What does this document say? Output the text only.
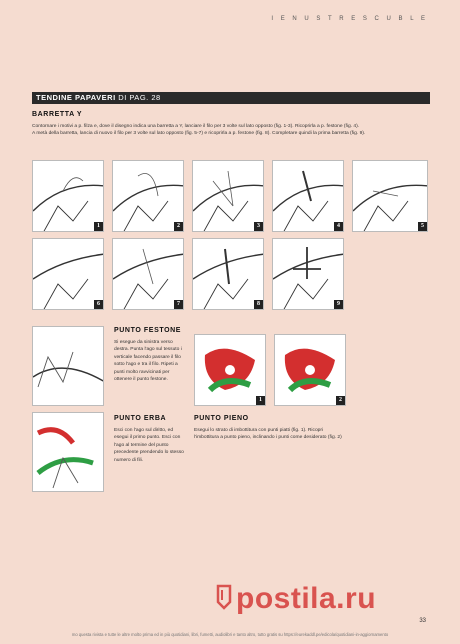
I E N U S T R E S C U B L E
TENDINE PAPAVERI DI PAG. 28
BARRETTA Y
Contornare i motivi a p. filza e, dove il disegno indica una barretta a Y, lanciare il filo per 3 volte sul lato opposto (fig. 1-3). Ricoprirla a p. festone (fig. 4).
A metà della barretta, lancia di nuovo il filo per 3 volte sul lato opposto (fig. 5-7) e ricoprirla a p. festone (fig. 8). Completare quindi la prima barretta (fig. 9).
1	2	3	4	5
6	7	8	9
PUNTO FESTONE
Si esegue da sinistra verso destra. Punta l'ago sul tessuto i verticale facendo passare il filo sotto l'ago e tra il filo. Ripeti a punti molto ravvicinati per ottenere il punto festone.
1	2
PUNTO ERBA
Esci con l'ago sul diritto, ed esegui il primo punto. Esci con l'ago al termine del punto precedente prendendo lo stesso numero di fili.
PUNTO PIENO
Esegui lo strato di imbottitura con punti piatti (fig. 1). Ricopri l'imbottitura a punto pieno, inclinando i punti come desiderato (fig. 2)
postila.ru
33
mo questa rivista e tutte le altre molto prima ed in più quotidiani, libri, fumetti, audiolibri e tanto altro, tutto gratis su https://eurekaddl.pe/edicola/quotidiani-in-aggiornamento
